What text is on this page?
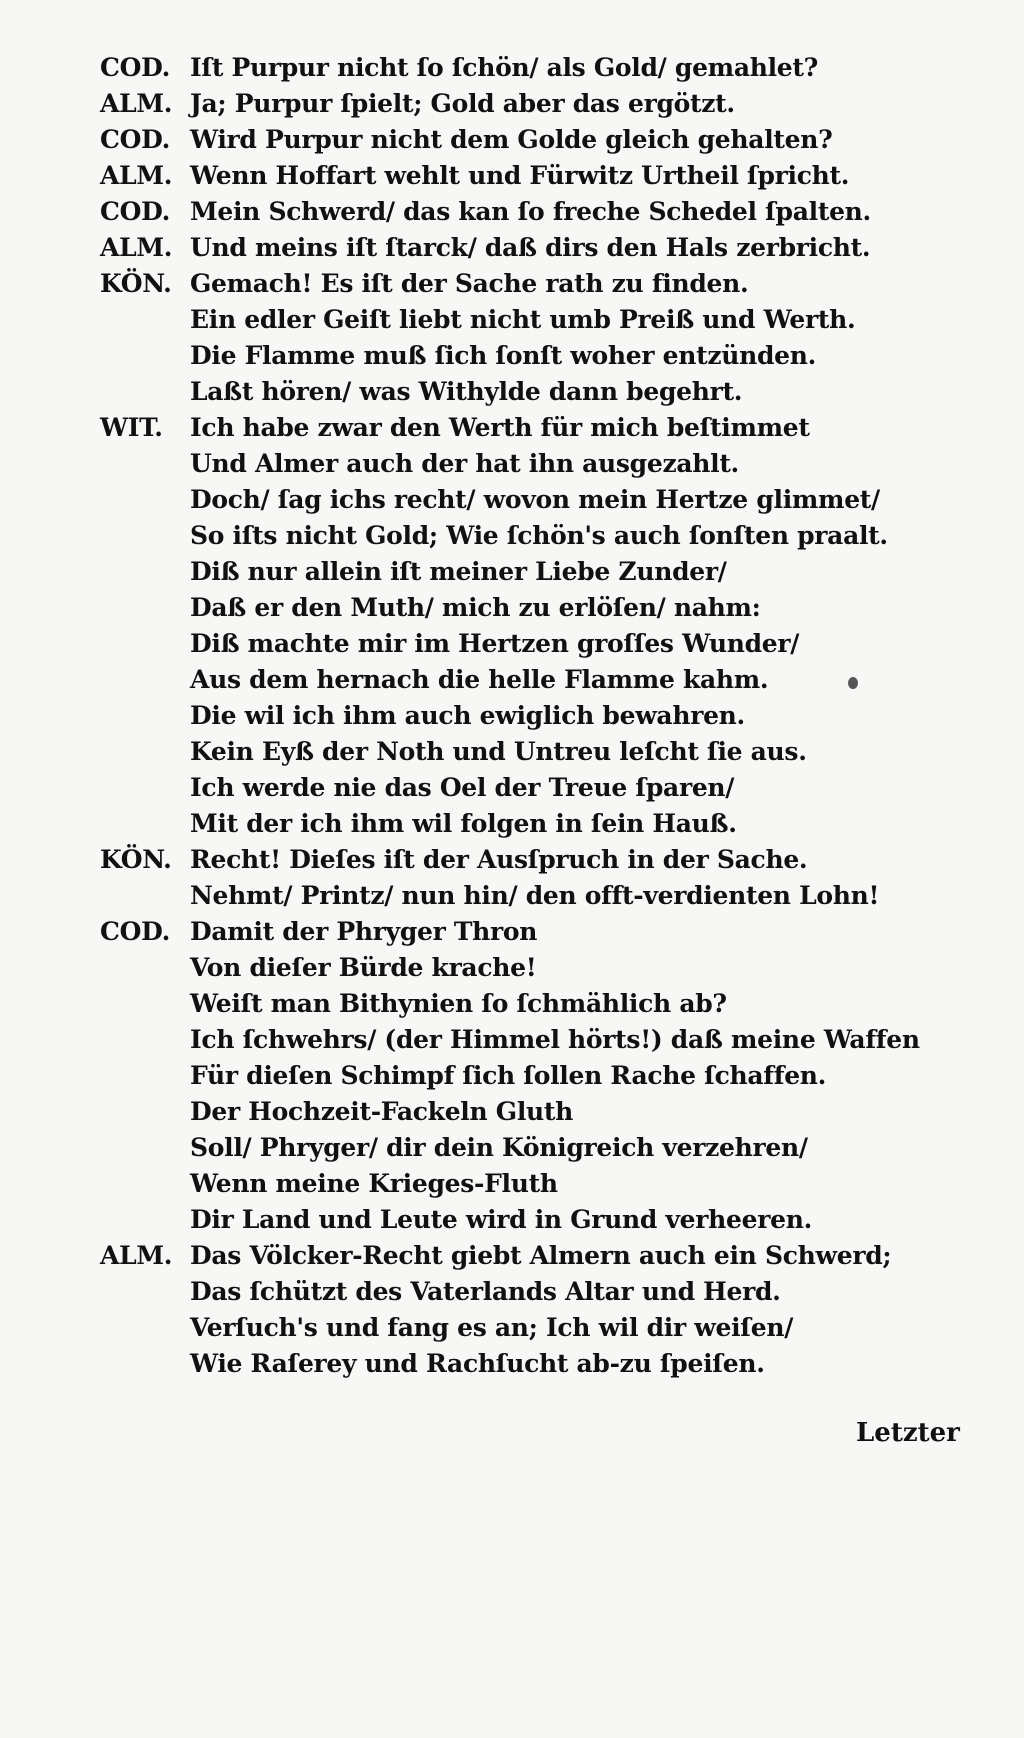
COD. Iſt Purpur nicht ſo ſchön/ als Gold/ gemahlet?
ALM. Ja; Purpur ſpielt; Gold aber das ergötzt.
COD. Wird Purpur nicht dem Golde gleich gehalten?
ALM. Wenn Hoffart wehlt und Fürwitz Urtheil ſpricht.
COD. Mein Schwerd/ das kan ſo freche Schedel ſpalten.
ALM. Und meins iſt ſtarck/ daß dirs den Hals zerbricht.
KÖN. Gemach! Es iſt der Sache rath zu finden.
Ein edler Geiſt liebt nicht umb Preiß und Werth.
Die Flamme muß ſich ſonſt woher entzünden.
Laßt hören/ was Withylde dann begehrt.
WIT.	Ich habe zwar den Werth für mich beſtimmet
Und Almer auch der hat ihn ausgezahlt.
Doch/ ſag ichs recht/ wovon mein Hertze glimmet/
So iſts nicht Gold; Wie ſchön's auch ſonſten praalt.
Diß nur allein iſt meiner Liebe Zunder/
Daß er den Muth/ mich zu erlöſen/ nahm:
Diß machte mir im Hertzen groſſes Wunder/
Aus dem hernach die helle Flamme kahm.
Die wil ich ihm auch ewiglich bewahren.
Kein Eyß der Noth und Untreu leſcht ſie aus.
Ich werde nie das Oel der Treue ſparen/
Mit der ich ihm wil folgen in ſein Hauß.
KÖN. Recht! Dieſes iſt der Ausſpruch in der Sache.
Nehmt/ Printz/ nun hin/ den offt-verdienten Lohn!
COD. Damit der Phryger Thron
Von dieſer Bürde krache!
Weiſt man Bithynien ſo ſchmählich ab?
Ich ſchwehrs/ (der Himmel hörts!) daß meine Waffen
Für dieſen Schimpf ſich ſollen Rache ſchaffen.
Der Hochzeit-Fackeln Gluth
Soll/ Phryger/ dir dein Königreich verzehren/
Wenn meine Krieges-Fluth
Dir Land und Leute wird in Grund verheeren.
ALM. Das Völcker-Recht giebt Almern auch ein Schwerd;
Das ſchützt des Vaterlands Altar und Herd.
Verſuch's und fang es an; Ich wil dir weiſen/
Wie Raſerey und Rachſucht ab-zu ſpeiſen.
Letzter
